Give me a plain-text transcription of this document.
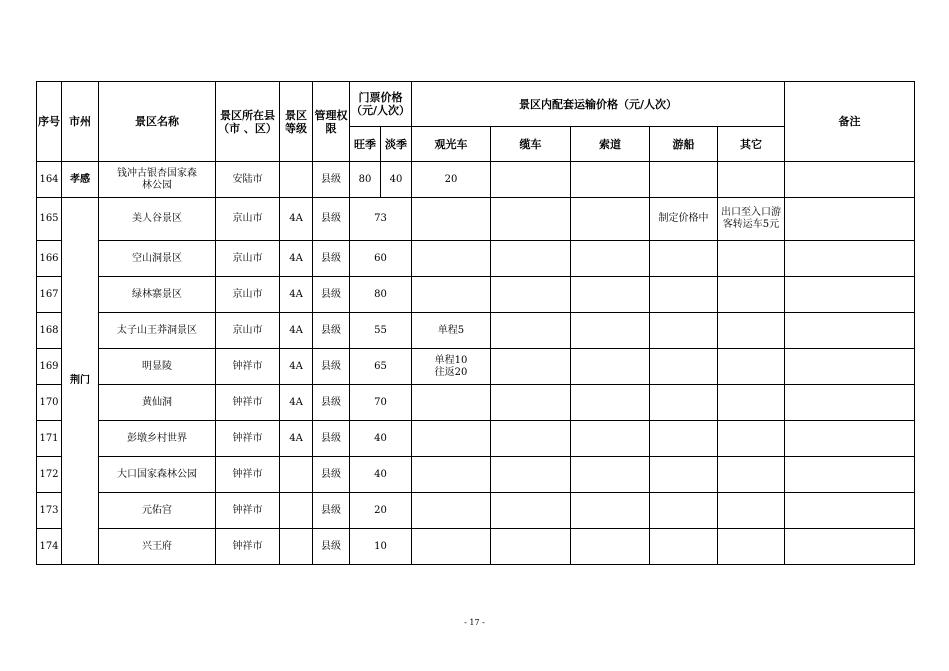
序号	市州	景区名称	景区所在县（市 、区）	景区等级	管理权限	门票价格（元/人次）		景区内配套运输价格（元/人次）					备注
						旺季	淡季	观光车	缆车	索道	游船	其它	
164	孝感	钱冲古银杏国家森林公园	安陆市		县级	80	40	20					
165	荆门	美人谷景区	京山市	4A	县级	73					制定价格中	出口至入口游客转运车5元	
166		空山洞景区	京山市	4A	县级	60							
167		绿林寨景区	京山市	4A	县级	80							
168		太子山王莽洞景区	京山市	4A	县级	55		单程5					
169		明显陵	钟祥市	4A	县级	65		单程10
往返20					
170		黄仙洞	钟祥市	4A	县级	70							
171		彭墩乡村世界	钟祥市	4A	县级	40							
172		大口国家森林公园	钟祥市		县级	40							
173		元佑宫	钟祥市		县级	20							
174		兴王府	钟祥市		县级	10							
- 17 -
